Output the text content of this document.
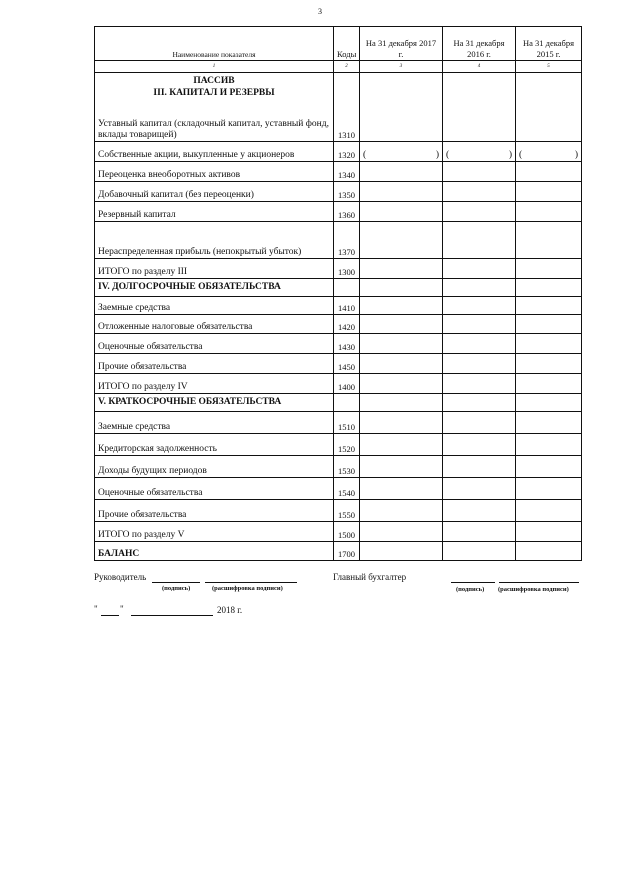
3
Наименование показателя	Коды	На 31 декабря 2017 г.	На 31 декабря 2016 г.	На 31 декабря 2015 г.
1	2	3	4	5

ПАССИВ
III. КАПИТАЛ И РЕЗЕРВЫ
Уставный капитал (складочный капитал, уставный фонд, вклады товарищей)	1310			
Собственные акции, выкупленные у акционеров	1320	( )	( )	( )

Переоценка внеоборотных активов	1340			
Добавочный капитал (без переоценки)	1350			
Резервный капитал	1360			
Нераспределенная прибыль (непокрытый убыток)	1370			
ИТОГО по разделу III	1300			
IV. ДОЛГОСРОЧНЫЕ ОБЯЗАТЕЛЬСТВА				
Заемные средства	1410			
Отложенные налоговые обязательства	1420			
Оценочные обязательства	1430			
Прочие обязательства	1450			
ИТОГО по разделу IV	1400			
V. КРАТКОСРОЧНЫЕ ОБЯЗАТЕЛЬСТВА				
Заемные средства	1510			
Кредиторская задолженность	1520			
Доходы будущих периодов	1530			
Оценочные обязательства	1540			
Прочие обязательства	1550			
ИТОГО по разделу V	1500			
БАЛАНС	1700			
Руководитель
(подпись)	(расшифровка подписи)
Главный бухгалтер
(подпись) (расшифровка подписи)
" "	2018 г.
